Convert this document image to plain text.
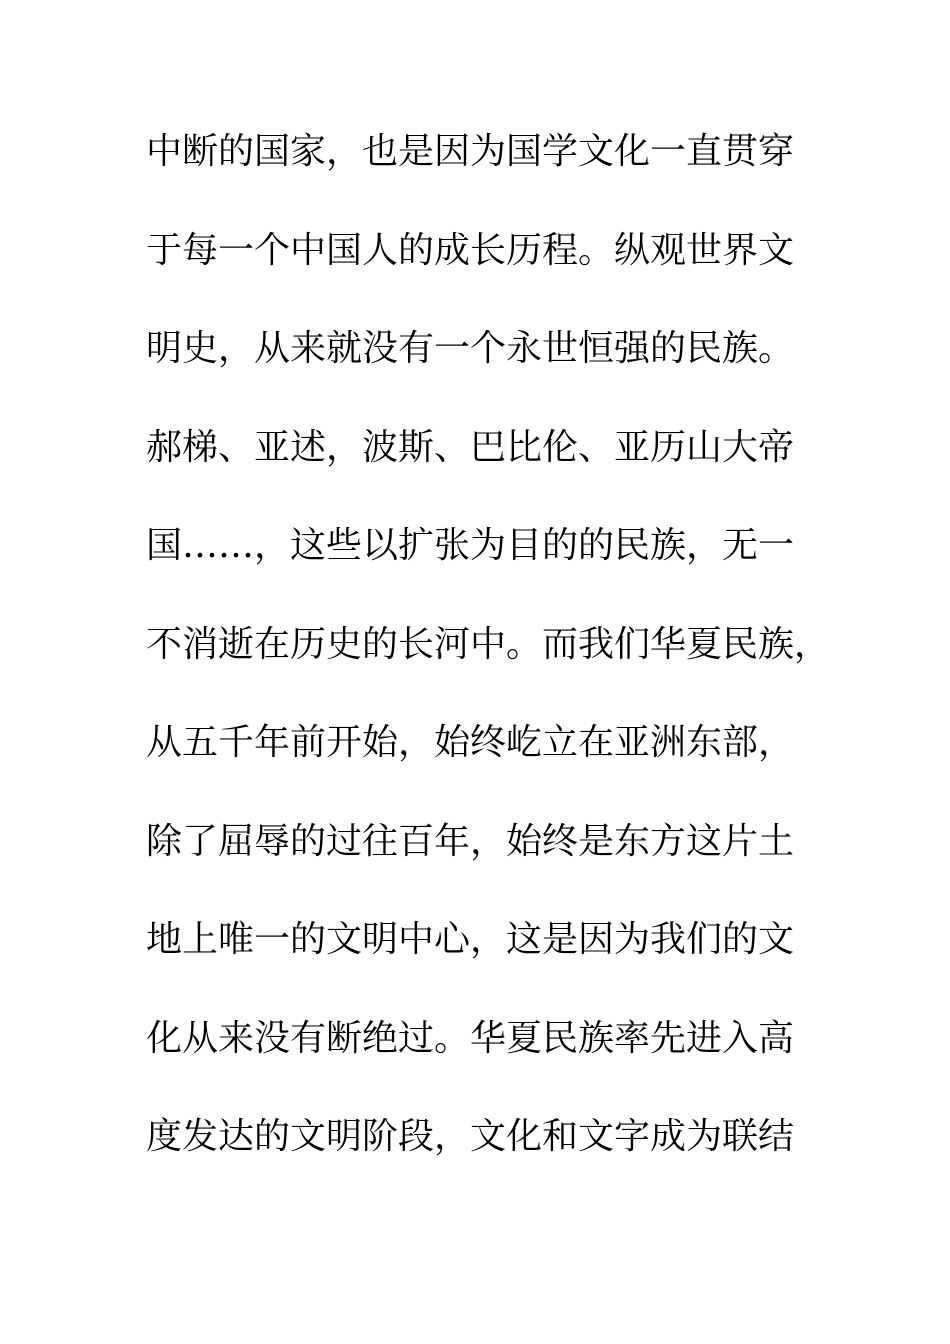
中断的国家，也是因为国学文化一直贯穿
于每一个中国人的成长历程。纵观世界文
明史，从来就没有一个永世恒强的民族。
郝梯、亚述，波斯、巴比伦、亚历山大帝
国……，这些以扩张为目的的民族，无一
不消逝在历史的长河中。而我们华夏民族，
从五千年前开始，始终屹立在亚洲东部，
除了屈辱的过往百年，始终是东方这片土
地上唯一的文明中心，这是因为我们的文
化从来没有断绝过。华夏民族率先进入高
度发达的文明阶段，文化和文字成为联结
